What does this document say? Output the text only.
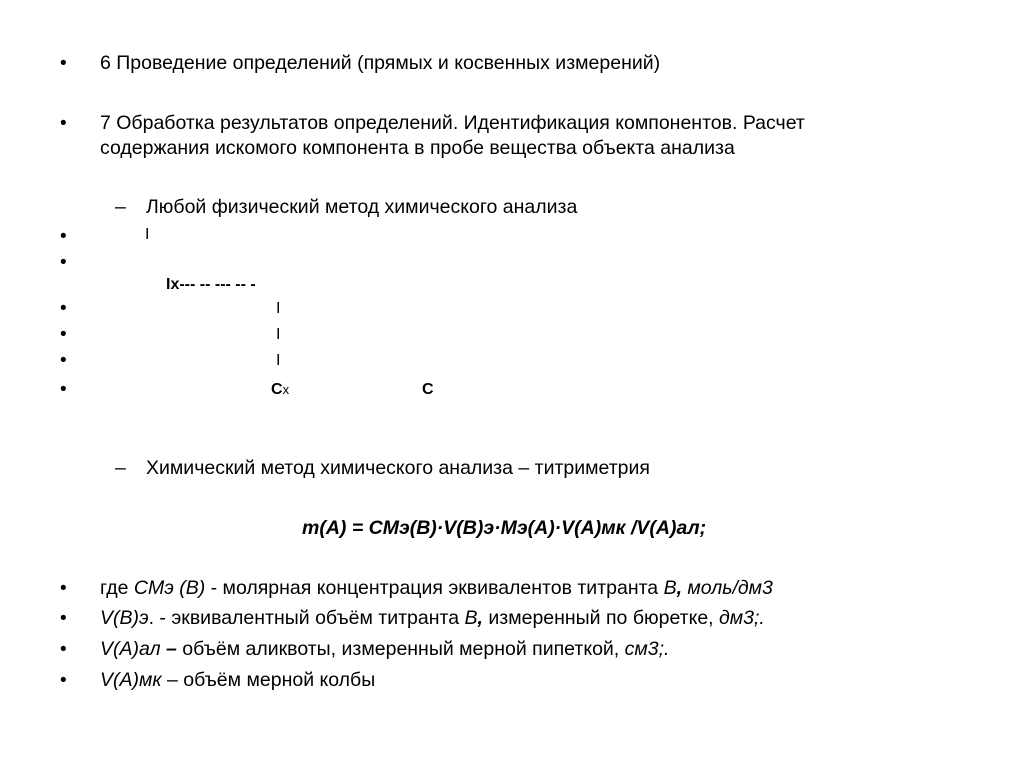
• 6 Проведение определений (прямых и косвенных измерений)
• 7 Обработка результатов определений. Идентификация компонентов. Расчет
содержания искомого компонента в пробе вещества объекта анализа
– Любой физический метод химического анализа
•	I
•
Ix--- -- --- -- -
•	I
•	I
•	I
•	Cx	C
– Химический метод химического анализа – титриметрия
m(A) = CMэ(B)·V(B)э·Mэ(A)·V(A)мк /V(A)ал;
• где CMэ (B) - молярная концентрация эквивалентов титранта B, моль/дм3
• V(B)э. - эквивалентный объём титранта B, измеренный по бюретке, дм3;.
• V(A)ал – объём аликвоты, измеренный мерной пипеткой, см3;.
• V(A)мк – объём мерной колбы
